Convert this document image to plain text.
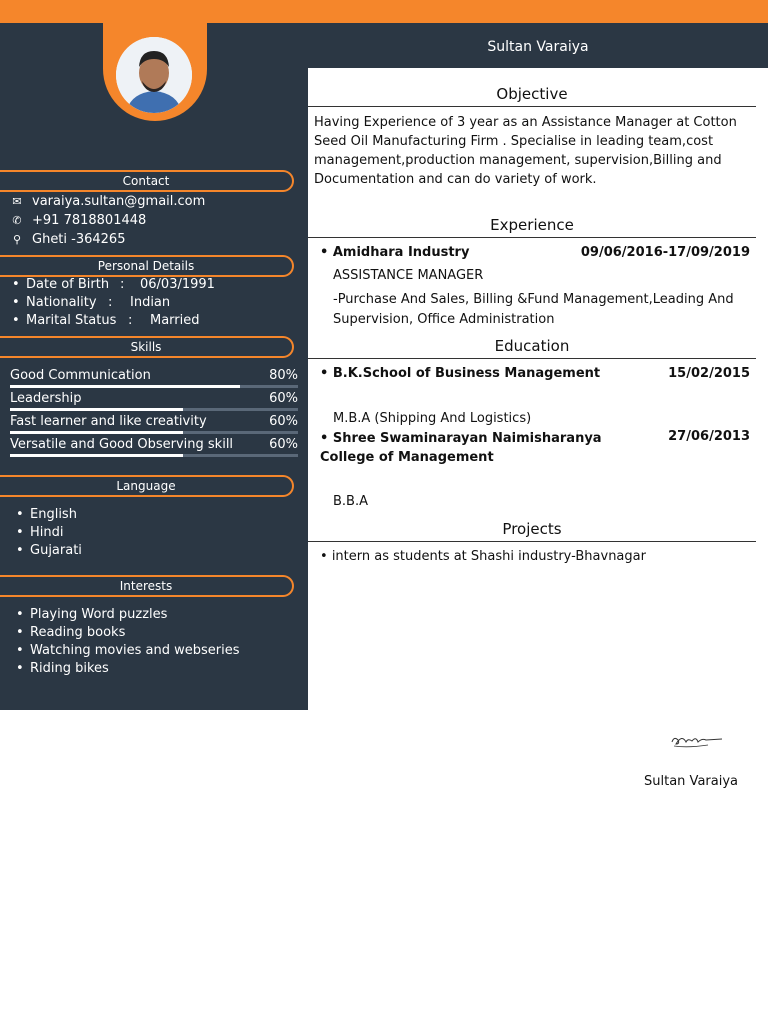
Sultan Varaiya
Contact
✉ varaiya.sultan@gmail.com
✆ +91 7818801448
⚲ Gheti -364265
Personal Details
• Date of Birth : 06/03/1991
• Nationality : Indian
• Marital Status : Married
Skills
Good Communication	80%
Leadership	60%
Fast learner and like creativity	60%
Versatile and Good Observing skill	60%
Language
• English
• Hindi
• Gujarati
Interests
• Playing Word puzzles
• Reading books
• Watching movies and webseries
• Riding bikes
Objective
Having Experience of 3 year as an Assistance Manager at Cotton Seed Oil Manufacturing Firm . Specialise in leading team,cost management,production management, supervision,Billing and Documentation and can do variety of work.
Experience
• Amidhara Industry	09/06/2016-17/09/2019
ASSISTANCE MANAGER
-Purchase And Sales, Billing &Fund Management,Leading And Supervision, Office Administration
Education
• B.K.School of Business Management	15/02/2015
M.B.A (Shipping And Logistics)
• Shree Swaminarayan Naimisharanya College of Management
27/06/2013
B.B.A
Projects
• intern as students at Shashi industry-Bhavnagar
Sultan Varaiya
